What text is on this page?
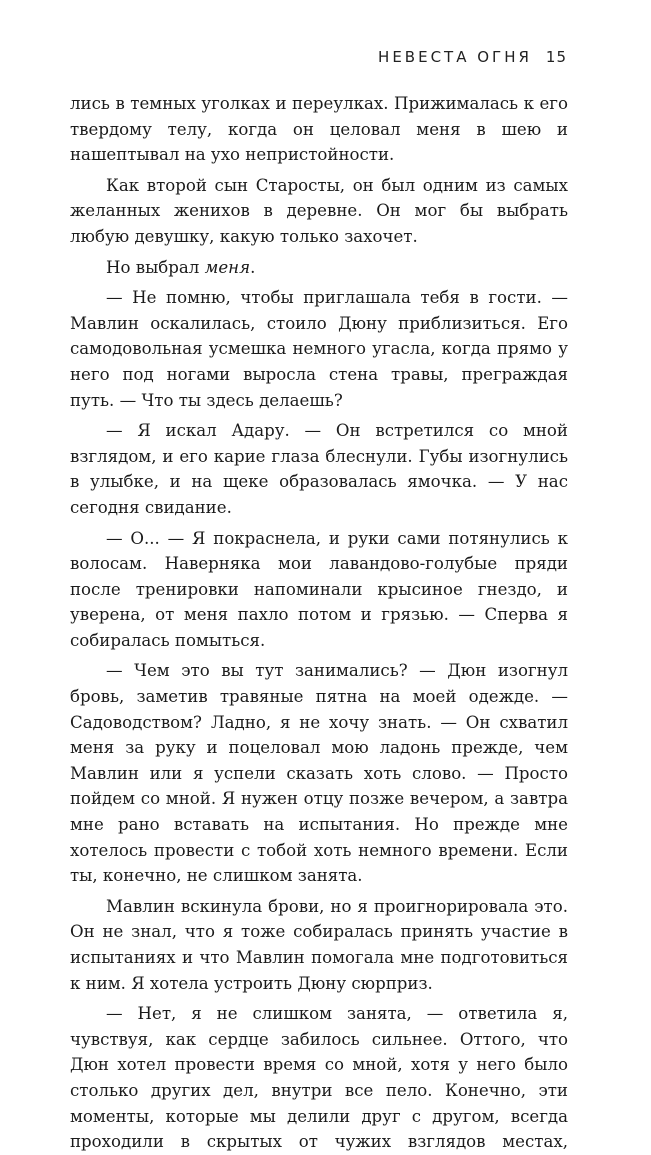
НЕВЕСТА ОГНЯ 15

лись в темных уголках и переулках. Прижималась к его твердому телу, когда он целовал меня в шею и нашептывал на ухо непристойности.

Как второй сын Старосты, он был одним из самых желанных женихов в деревне. Он мог бы выбрать любую девушку, какую только захочет.

Но выбрал меня.

— Не помню, чтобы приглашала тебя в гости. — Мавлин оскалилась, стоило Дюну приблизиться. Его самодовольная усмешка немного угасла, когда прямо у него под ногами выросла стена травы, преграждая путь. — Что ты здесь делаешь?

— Я искал Адару. — Он встретился со мной взглядом, и его карие глаза блеснули. Губы изогнулись в улыбке, и на щеке образовалась ямочка. — У нас сегодня свидание.

— О... — Я покраснела, и руки сами потянулись к волосам. Наверняка мои лавандово-голубые пряди после тренировки напоминали крысиное гнездо, и уверена, от меня пахло потом и грязью. — Сперва я собиралась помыться.

— Чем это вы тут занимались? — Дюн изогнул бровь, заметив травяные пятна на моей одежде. — Садоводством? Ладно, я не хочу знать. — Он схватил меня за руку и поцеловал мою ладонь прежде, чем Мавлин или я успели сказать хоть слово. — Просто пойдем со мной. Я нужен отцу позже вечером, а завтра мне рано вставать на испытания. Но прежде мне хотелось провести с тобой хоть немного времени. Если ты, конечно, не слишком занята.

Мавлин вскинула брови, но я проигнорировала это. Он не знал, что я тоже собиралась принять участие в испытаниях и что Мавлин помогала мне подготовиться к ним. Я хотела устроить Дюну сюрприз.

— Нет, я не слишком занята, — ответила я, чувствуя, как сердце забилось сильнее. Оттого, что Дюн хотел провести время со мной, хотя у него было столько других дел, внутри все пело. Конечно, эти моменты, которые мы делили друг с другом, всегда проходили в скрытых от чужих взглядов местах,
